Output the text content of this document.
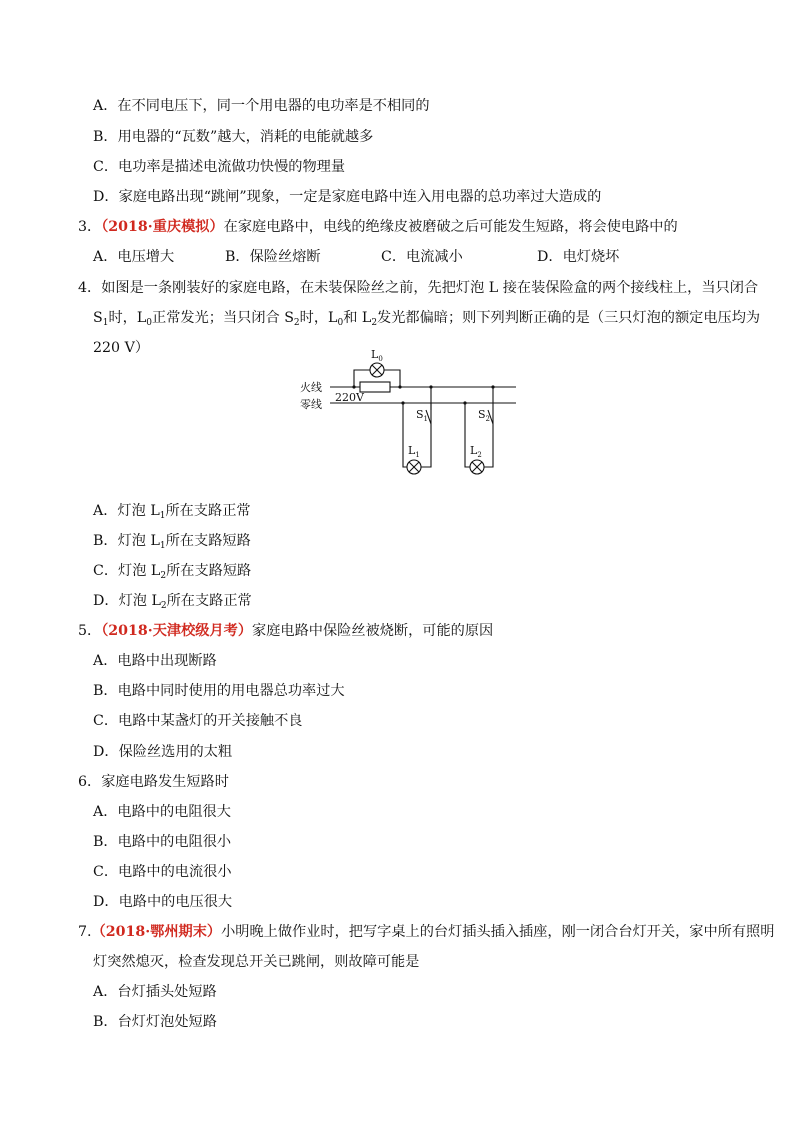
A．在不同电压下，同一个用电器的电功率是不相同的
B．用电器的“瓦数”越大，消耗的电能就越多
C．电功率是描述电流做功快慢的物理量
D．家庭电路出现“跳闸”现象，一定是家庭电路中连入用电器的总功率过大造成的
3．（2018·重庆模拟）在家庭电路中，电线的绝缘皮被磨破之后可能发生短路，将会使电路中的
A．电压增大	B．保险丝熔断	C．电流减小	D．电灯烧坏
4．如图是一条刚装好的家庭电路，在未装保险丝之前，先把灯泡 L 接在装保险盒的两个接线柱上，当只闭合
$S_1$时，$L_0$正常发光；当只闭合 $S_2$时，$L_0$和 $L_2$发光都偏暗；则下列判断正确的是（三只灯泡的额定电压均为
220 V）
火线
零线
220V
$L_0$
$L_1$	$L_2$
$S_1$	$S_2$
A．灯泡 $L_1$所在支路正常
B．灯泡 $L_1$所在支路短路
C．灯泡 $L_2$所在支路短路
D．灯泡 $L_2$所在支路正常
5．（2018·天津校级月考）家庭电路中保险丝被烧断，可能的原因
A．电路中出现断路
B．电路中同时使用的用电器总功率过大
C．电路中某盏灯的开关接触不良
D．保险丝选用的太粗
6．家庭电路发生短路时
A．电路中的电阻很大
B．电路中的电阻很小
C．电路中的电流很小
D．电路中的电压很大
7.（2018·鄂州期末）小明晚上做作业时，把写字桌上的台灯插头插入插座，刚一闭合台灯开关，家中所有照明
灯突然熄灭，检查发现总开关已跳闸，则故障可能是
A．台灯插头处短路
B．台灯灯泡处短路
